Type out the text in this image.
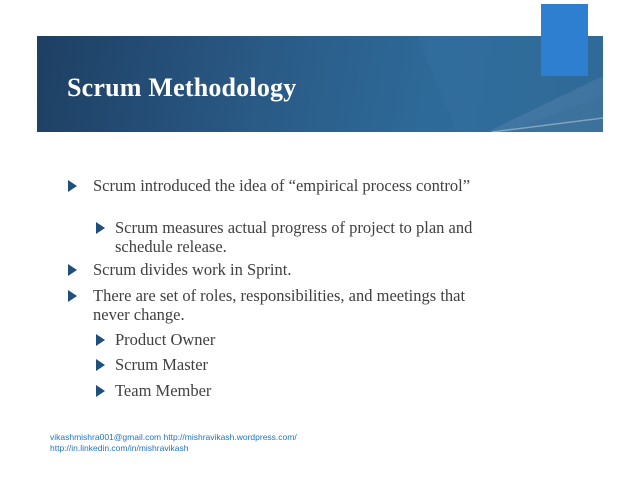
Scrum Methodology
Scrum introduced the idea of “empirical process control”
Scrum measures actual progress of project to plan and schedule release.
Scrum divides work in Sprint.
There are set of roles, responsibilities, and meetings that never change.
Product Owner
Scrum Master
Team Member
vikashmishra001@gmail.com http://mishravikash.wordpress.com/
http://in.linkedin.com/in/mishravikash
